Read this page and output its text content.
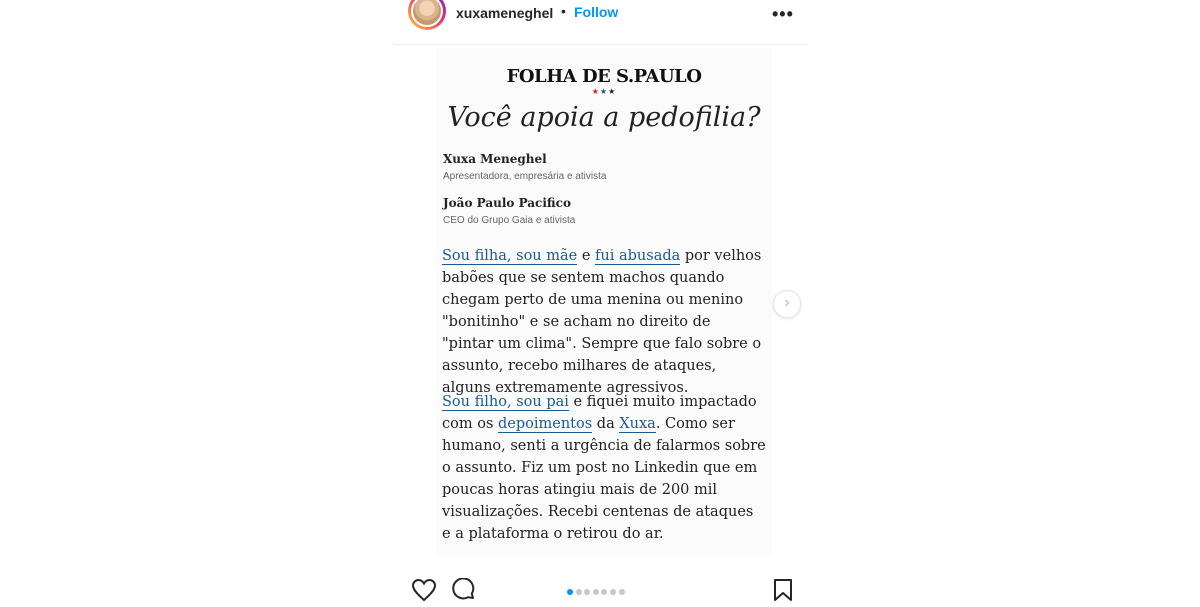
xuxameneghel • Follow	•••
FOLHA DE S.PAULO
★★★
Você apoia a pedofilia?
Xuxa Meneghel
Apresentadora, empresária e ativista
João Paulo Pacifico
CEO do Grupo Gaia e ativista
Sou filha, sou mãe e fui abusada por velhos babões que se sentem machos quando chegam perto de uma menina ou menino "bonitinho" e se acham no direito de "pintar um clima". Sempre que falo sobre o assunto, recebo milhares de ataques, alguns extremamente agressivos.
Sou filho, sou pai e fiquei muito impactado com os depoimentos da Xuxa. Como ser humano, senti a urgência de falarmos sobre o assunto. Fiz um post no Linkedin que em poucas horas atingiu mais de 200 mil visualizações. Recebi centenas de ataques e a plataforma o retirou do ar.
›
